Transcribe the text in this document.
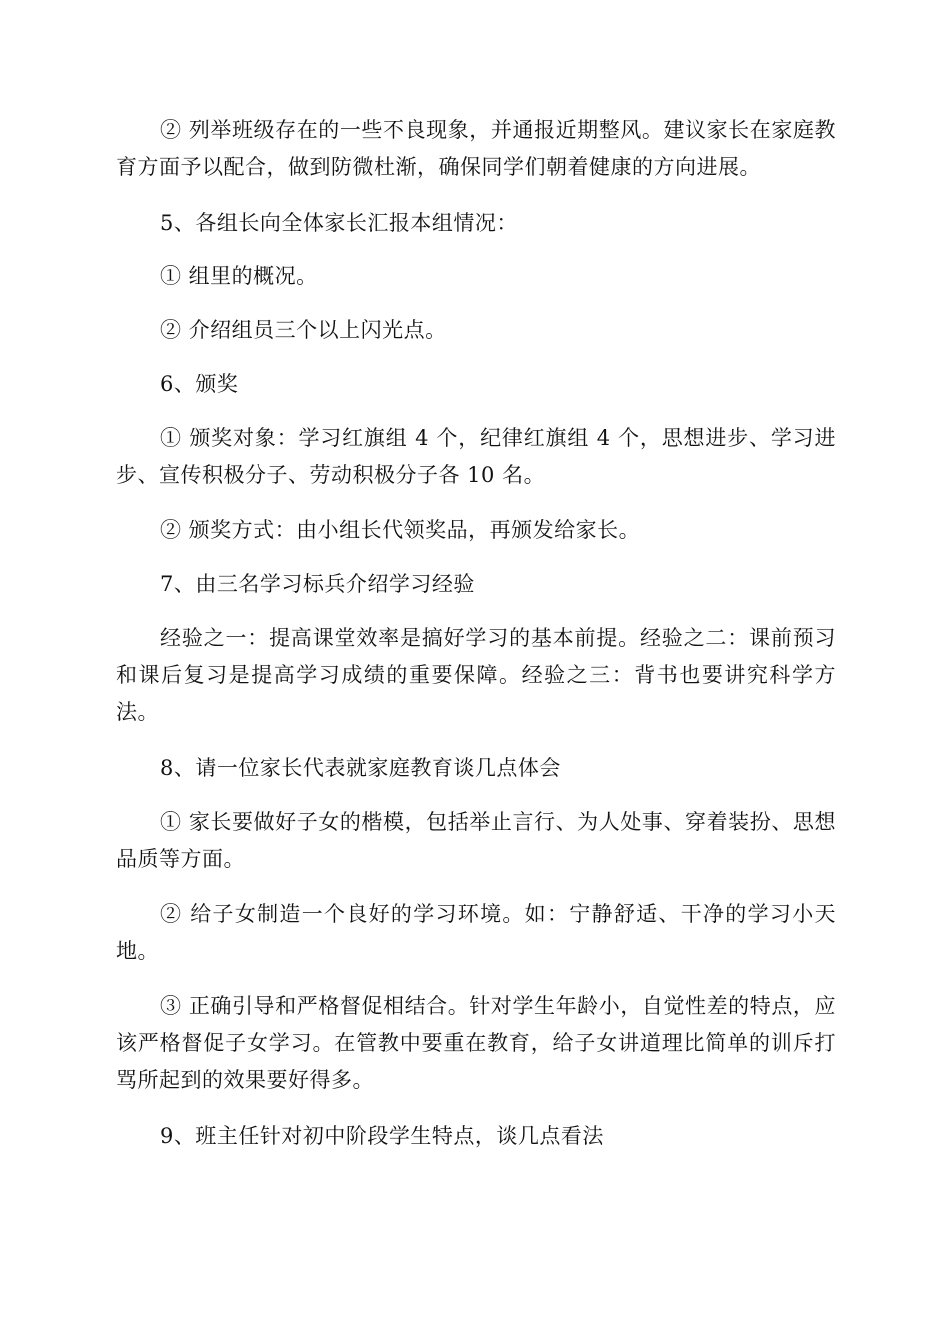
② 列举班级存在的一些不良现象，并通报近期整风。建议家长在家庭教育方面予以配合，做到防微杜渐，确保同学们朝着健康的方向进展。

5、各组长向全体家长汇报本组情况：

① 组里的概况。

② 介绍组员三个以上闪光点。

6、颁奖

① 颁奖对象：学习红旗组 4 个，纪律红旗组 4 个，思想进步、学习进步、宣传积极分子、劳动积极分子各 10 名。

② 颁奖方式：由小组长代领奖品，再颁发给家长。

7、由三名学习标兵介绍学习经验

经验之一：提高课堂效率是搞好学习的基本前提。经验之二：课前预习和课后复习是提高学习成绩的重要保障。经验之三：背书也要讲究科学方法。

8、请一位家长代表就家庭教育谈几点体会

① 家长要做好子女的楷模，包括举止言行、为人处事、穿着装扮、思想品质等方面。

② 给子女制造一个良好的学习环境。如：宁静舒适、干净的学习小天地。

③ 正确引导和严格督促相结合。针对学生年龄小，自觉性差的特点，应该严格督促子女学习。在管教中要重在教育，给子女讲道理比简单的训斥打骂所起到的效果要好得多。

9、班主任针对初中阶段学生特点，谈几点看法
